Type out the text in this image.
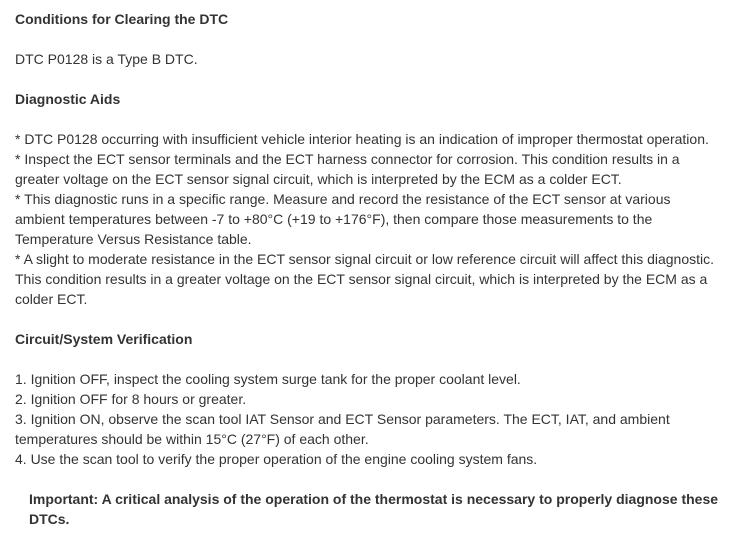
Conditions for Clearing the DTC

DTC P0128 is a Type B DTC.

Diagnostic Aids

* DTC P0128 occurring with insufficient vehicle interior heating is an indication of improper thermostat operation.

* Inspect the ECT sensor terminals and the ECT harness connector for corrosion. This condition results in a greater voltage on the ECT sensor signal circuit, which is interpreted by the ECM as a colder ECT.

* This diagnostic runs in a specific range. Measure and record the resistance of the ECT sensor at various ambient temperatures between -7 to +80°C (+19 to +176°F), then compare those measurements to the Temperature Versus Resistance table.

* A slight to moderate resistance in the ECT sensor signal circuit or low reference circuit will affect this diagnostic. This condition results in a greater voltage on the ECT sensor signal circuit, which is interpreted by the ECM as a colder ECT.

Circuit/System Verification

1. Ignition OFF, inspect the cooling system surge tank for the proper coolant level.

2. Ignition OFF for 8 hours or greater.

3. Ignition ON, observe the scan tool IAT Sensor and ECT Sensor parameters. The ECT, IAT, and ambient temperatures should be within 15°C (27°F) of each other.

4. Use the scan tool to verify the proper operation of the engine cooling system fans.

Important: A critical analysis of the operation of the thermostat is necessary to properly diagnose these DTCs.
